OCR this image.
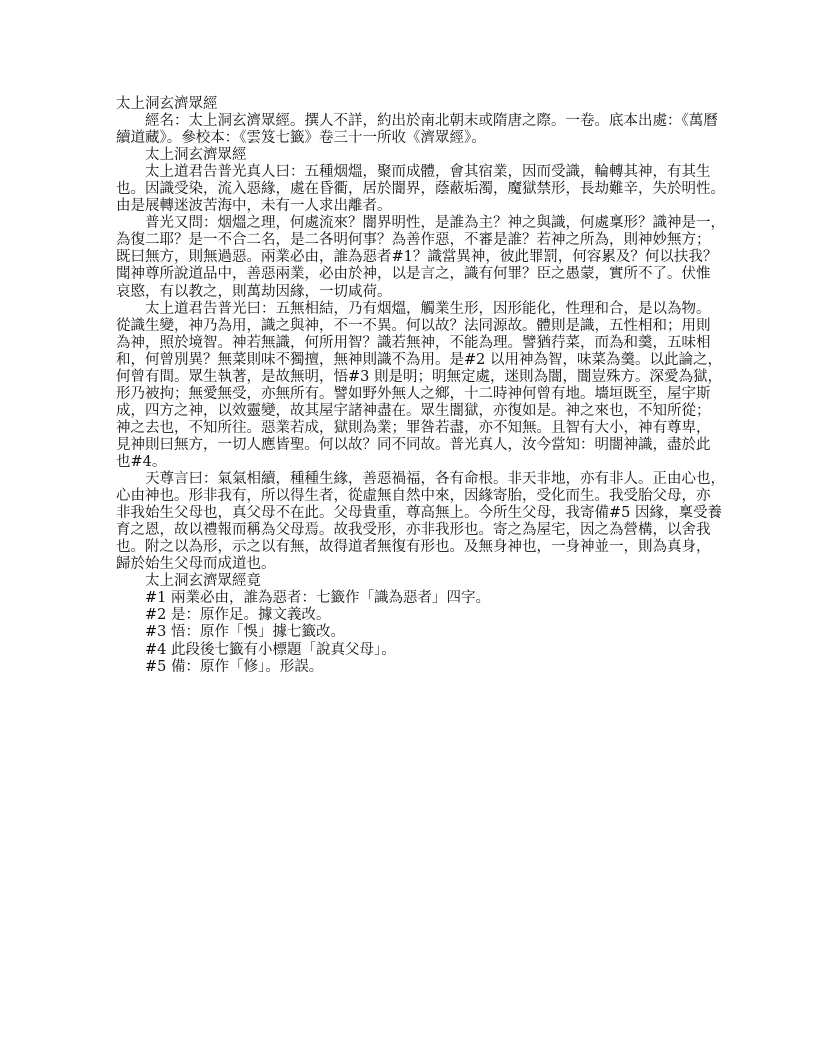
太上洞玄濟眾經
經名：太上洞玄濟眾經。撰人不詳，約出於南北朝末或隋唐之際。一卷。底本出處：《萬曆
續道藏》。參校本：《雲笈七籤》卷三十一所收《濟眾經》。
太上洞玄濟眾經
太上道君告普光真人曰：五種烟熅，聚而成體，會其宿業，因而受識，輪轉其神，有其生
也。因識受染，流入惡緣，處在昏衢，居於闇界，蔭蔽垢濁，魔獄禁形，長劫難辛，失於明性。
由是展轉迷波苦海中，未有一人求出離者。
普光又問：烟熅之理，何處流來？闇界明性，是誰為主？神之與識，何處稟形？識神是一，
為復二耶？是一不合二名，是二各明何事？為善作惡，不審是誰？若神之所為，則神妙無方；
既曰無方，則無過惡。兩業必由，誰為惡者#1？識當異神，彼此罪罰，何容累及？何以扶我？
聞神尊所說道品中，善惡兩業，必由於神，以是言之，識有何罪？臣之愚蒙，實所不了。伏惟
哀愍，有以教之，則萬劫因緣，一切咸荷。
太上道君告普光曰：五無相結，乃有烟熅，觸業生形，因形能化，性理和合，是以為物。
從識生變，神乃為用，識之與神，不一不異。何以故？法同源故。體則是識，五性相和；用則
為神，照於境智。神若無識，何所用智？識若無神，不能為理。譬猶荇菜，而為和羹，五味相
和，何曾別異？無菜則味不獨擅，無神則識不為用。是#2 以用神為智，味菜為羹。以此論之，
何曾有間。眾生執著，是故無明，悟#3 則是明；明無定處，迷則為闇，闇豈殊方。深愛為獄，
形乃被拘；無愛無受，亦無所有。譬如野外無人之鄉，十二時神何曾有地。墻垣既至，屋宇斯
成，四方之神，以效靈變，故其屋宇諸神盡在。眾生闇獄，亦復如是。神之來也，不知所從；
神之去也，不知所往。惡業若成，獄則為業；罪咎若盡，亦不知無。且智有大小，神有尊卑，
見神則曰無方，一切人應皆聖。何以故？同不同故。普光真人，汝今當知：明闇神識，盡於此
也#4。
天尊言曰：氣氣相續，種種生緣，善惡禍福，各有命根。非天非地，亦有非人。正由心也，
心由神也。形非我有，所以得生者，從虛無自然中來，因緣寄胎，受化而生。我受胎父母，亦
非我始生父母也，真父母不在此。父母貴重，尊高無上。今所生父母，我寄備#5 因緣，稟受養
育之恩，故以禮報而稱為父母焉。故我受形，亦非我形也。寄之為屋宅，因之為營構，以舍我
也。附之以為形，示之以有無，故得道者無復有形也。及無身神也，一身神並一，則為真身，
歸於始生父母而成道也。
太上洞玄濟眾經竟
#1 兩業必由，誰為惡者：七籤作「識為惡者」四字。
#2 是：原作足。據文義改。
#3 悟：原作「悞」據七籤改。
#4 此段後七籤有小標題「說真父母」。
#5 備：原作「修」。形誤。
